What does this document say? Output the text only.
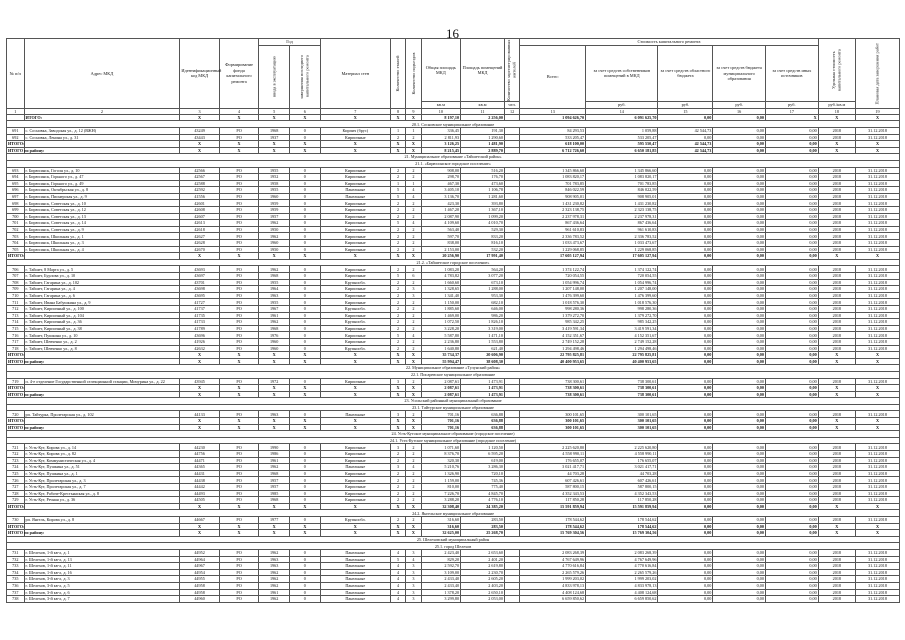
16
№ п/п	Адрес МКД	Идентификационный код МКД	Формирование фонда капитального ремонта	Год		Материал стен	Количество этажей	Количество подъездов	Общая площадь МКД	Площадь помещений МКД	Количество зарегистрированных жителей	Стоимость капитального ремонта					Удельная стоимость капитального ремонта	Плановая дата завершения работ
				ввода в эксплуатацию	завершения последнего капитального ремонта							Всего:	за счет средств собственников помещений в МКД	за счет средств областного бюджета	за счет средств бюджета муниципального образования	за счет средств иных источников		
									кв.м	кв.м	чел.		руб.	руб.	руб.	руб.	руб./кв.м	
1	2	3	4	5	6	7	8	9	10	11	12	13	14	15	16	17	18	19
	ИТОГО:	X	X	X	X	X	X	X	8 197,10	2 256,00		1 094 626,70	6 091 625,70	0,00	0,00	X	X	X
20.1. Сосновское муниципальное образование																		
691	с. Сосновка, Заводская ул., д. 12 (ВЖН)	43249	РО	1968	0	Кирпич (брус)	1	1	336,45	191,30		84 293,53	1 059,88	42 544,73	0,00	0,00	2018	31.12.2018
692	с. Сосновка, Ленина ул., д. 31	43443	РО	1937	0	Кирпичные	2	2	2 811,93	1 290,60		533 205,47	533 205,47	0,00	0,00	0,00	2018	31.12.2018
ИТОГО:		X	X	X	X	X	X	X	3 126,25	1 481,90		618 100,00	595 550,47	42 544,73	0,00	0,00	X	X
ИТОГО по району:		X	X	X	X	X	X	X	8 215,45	2 889,70		6 712 726,60	6 650 181,85	42 544,73	0,00	0,00	X	X
21. Муниципальное образование «Тайшетский район»																		
21.1. «Бирюсинское городское поселение»																		
693	г. Бирюсинск, Гоголя ул., д. 10	42566	РО	1955	0	Кирпичные	2	2	908,00	516,20		1 345 866,60	1 345 866,60	0,00	0,00	0,00	2018	31.12.2018
694	г. Бирюсинск, Горького ул., д. 47	42567	РО	1952	0	Кирпичные	2	2	298,70	176,70		1 083 820,17	1 083 820,17	0,00	0,00	0,00	2018	31.12.2018
695	г. Бирюсинск, Горького ул., д. 49	42588	РО	1958	0	Кирпичные	1	1	467,30	473,60		701 783,85	701 783,85	0,00	0,00	0,00	2018	31.12.2018
696	г. Бирюсинск, Октябрьская ул., д. 8	42592	РО	1955	0	Панельные	5	4	3 405,10	1 106,78		846 022,59	846 022,59	0,00	0,00	0,00	2018	31.12.2018
697	г. Бирюсинск, Пионерская ул., д. 9	41556	РО	1960	0	Панельные	5	4	3 136,70	1 281,60		908 905,01	908 905,01	0,00	0,00	0,00	2018	31.12.2018
698	г. Бирюсинск, Советская ул., д. 10	42601	РО	1959	0	Кирпичные	2	2	423,30	393,80		1 431 230,82	1 431 230,82	0,00	0,00	0,00	2018	31.12.2018
699	г. Бирюсинск, Советская ул., д. 12	42608	РО	1959	0	Кирпичные	2	2	1 467,20	1 367,10		2 323 138,75	2 323 138,75	0,00	0,00	0,00	2018	31.12.2018
700	г. Бирюсинск, Советская ул., д. 13	42607	РО	1957	0	Кирпичные	2	2	2 087,90	1 099,20		2 237 978,31	2 237 978,31	0,00	0,00	0,00	2018	31.12.2018
701	г. Бирюсинск, Советская ул., д. 14	42613	РО	1962	0	Кирпичные	5	4	4 109,60	4 010,70		867 436,64	867 436,64	0,00	0,00	0,00	2018	31.12.2018
702	г. Бирюсинск, Советская ул., д. 9	42618	РО	1950	0	Кирпичные	2	2	563,40	529,30		961 610,83	961 610,83	0,00	0,00	0,00	2018	31.12.2018
703	г. Бирюсинск, Школьная ул., д. 1	42627	РО	1962	0	Кирпичные	2	2	597,70	833,20		2 336 783,52	2 336 783,52	0,00	0,00	0,00	2018	31.12.2018
704	г. Бирюсинск, Школьная ул., д. 3	42628	РО	1960	0	Кирпичные	2	2	838,00	816,10		1 033 473,67	1 033 473,67	0,00	0,00	0,00	2018	31.12.2018
705	г. Бирюсинск, Школьная ул., д. 4	42670	РО	1950	0	Кирпичные	2	2	2 153,00	532,20		1 229 068,85	1 229 068,85	0,00	0,00	0,00	2018	31.12.2018
ИТОГО:		X	X	X	X	X	X	X	20 256,90	17 991,40		17 605 127,94	17 605 127,94	0,00	0,00	0,00	X	X
21.2. «Тайшетское городское поселение»																		
706	г. Тайшет, 8 Марта ул., д. 5	43693	РО	1962	0	Кирпичные	2	2	1 083,20	564,20		1 374 122,74	1 374 122,74	0,00	0,00	0,00	2018	31.12.2018
707	г. Тайшет, Бурлова ул., д. 10	43697	РО	1968	0	Кирпичные	5	6	4 783,82	3 077,20		720 054,55	720 054,55	0,00	0,00	0,00	2018	31.12.2018
708	г. Тайшет, Гагарина ул., д. 102	43701	РО	1955	0	Крупнообл.	2	2	1 660,60	673,10		1 054 996,74	1 054 996,74	0,00	0,00	0,00	2018	31.12.2018
709	г. Тайшет, Гагарина ул., д. 4	43698	РО	1964	0	Кирпичные	2	3	1 328,65	1 288,00		1 207 148,00	1 207 148,00	0,00	0,00	0,00	2018	31.12.2018
710	г. Тайшет, Гагарина ул., д. 6	43695	РО	1963	0	Кирпичные	2	3	1 341,40	953,30		1 476 399,60	1 476 399,60	0,00	0,00	0,00	2018	31.12.2018
711	г. Тайшет, Ивана Бабушкина ул., д. 9	41727	РО	1955	0	Кирпичные	2	2	1 150,00	682,10		1 018 576,30	1 018 576,30	0,00	0,00	0,00	2018	31.12.2018
712	г. Тайшет, Кирпичный ул., д. 100	41737	РО	1967	0	Крупнообл.	2	2	1 885,60	646,00		998 280,36	998 280,36	0,00	0,00	0,00	2018	31.12.2018
713	г. Тайшет, Кирпичный ул., д. 104	41735	РО	1961	0	Кирпичные	2	2	1 469,00	986,20		1 379 272,70	1 379 272,70	0,00	0,00	0,00	2018	31.12.2018
714	г. Тайшет, Кирпичный ул., д. 36	41733	РО	1962	0	Крупнообл.	2	2	1 072,50	1 826,10		985 342,25	985 342,25	0,00	0,00	0,00	2018	31.12.2018
715	г. Тайшет, Кирпичный ул., д. 38	41789	РО	1968	0	Кирпичные	2	2	3 228,20	3 319,00		3 419 591,34	3 419 591,34	0,00	0,00	0,00	2018	31.12.2018
716	г. Тайшет, Пушкина ул., д. 10	43696	РО	1976	0	Кирпичные	5	4	5 587,80	1 471,10		4 152 351,67	4 152 351,67	0,00	0,00	0,00	2018	31.12.2018
717	г. Тайшет, Шевченко ул., д. 2	41926	РО	1960	0	Кирпичные	2	2	2 236,80	1 553,80		2 749 152,28	2 749 152,28	0,00	0,00	0,00	2018	31.12.2018
718	г. Тайшет, Шевченко ул., д. 8	42632	РО	1960	0	Крупнообл.	2	2	1 640,80	621,40		1 294 498,46	1 294 498,46	0,00	0,00	0,00	2018	31.12.2018
ИТОГО:		X	X	X	X	X	X	X	35 734,37	20 606,90		22 795 825,81	22 795 825,81	0,00	0,00	0,00	X	X
ИТОГО по району:		X	X	X	X	X	X	X	55 994,47	38 608,30		40 400 953,65	40 400 953,65	0,00	0,00	0,00	X	X
22. Муниципальное образование «Тулунский район»																		
22.1. Писаревское муниципальное образование																		
719	п. 4-е отделение Государственной селекционной станции, Мичурина ул., д. 22	43945	РО	1972	0	Кирпичные	3	2	2 087,61	1 473,91		738 300,61	738 300,61	0,00	0,00	0,00	2018	31.12.2018
ИТОГО:		X	X	X	X	X	X	X	2 087,61	1 473,91		738 300,61	738 300,61	0,00	0,00	0,00	X	X
ИТОГО по району:		X	X	X	X	X	X	X	2 087,61	1 473,91		738 300,61	738 300,61	0,00	0,00	0,00	X	X
23. Усольский районный муниципальный образование																		
23.1. Тайтурское муниципальное образование																		
720	рп. Тайтурка, Пролетарская ул., д. 102	44133	РО	1963	0	Панельные	3	2	701,16	636,88		300 101,65	300 101,65	0,00	0,00	0,00	2018	31.12.2018
ИТОГО:		X	X	X	X	X	X	X	701,16	636,88		300 101,65	300 101,65	0,00	0,00	0,00	X	X
ИТОГО по району:		X	X	X	X	X	X	X	701,16	636,88		300 101,65	300 101,65	0,00	0,00	0,00	X	X
24. Усть-Кутское муниципальное образование (городское поселение)																		
24.1. Усть-Кутское муниципальное образование (городское поселение)																		
721	г. Усть-Кут, Кирова ул., д. 14	44230	РО	1990	0	Кирпичные	3	2	1 071,60	1 120,50		2 225 620,80	2 225 620,80	0,00	0,00	0,00	2018	31.12.2018
722	г. Усть-Кут, Кирова ул., д. 82	44756	РО	1986	0	Кирпичные	2	2	8 376,70	6 595,20		4 558 990,11	4 558 990,11	0,00	0,00	0,00	2018	31.12.2018
723	г. Усть-Кут, Коммунистическая ул., д. 4	44471	РО	1961	0	Кирпичные	2	2	320,30	619,00		176 655,07	176 655,07	0,00	0,00	0,00	2018	31.12.2018
724	г. Усть-Кут, Пушкина ул., д. 51	44365	РО	1962	0	Панельные	3	4	5 210,76	3 286,30		3 021 417,71	3 021 417,71	0,00	0,00	0,00	2018	31.12.2018
725	г. Усть-Кут, Пушкина ул., д. 1	44431	РО	1968	0	Кирпичные	2	2	1 326,90	720,10		44 703,28	44 703,28	0,00	0,00	0,00	2018	31.12.2018
726	г. Усть-Кут, Пролетарская ул., д. 3	44438	РО	1957	0	Кирпичные	2	2	1 159,00	745,36		607 426,61	607 426,61	0,00	0,00	0,00	2018	31.12.2018
727	г. Усть-Кут, Пролетарская ул., д. 7	44442	РО	1957	0	Кирпичные	2	2	810,00	775,40		587 800,15	587 800,15	0,00	0,00	0,00	2018	31.12.2018
728	г. Усть-Кут, Рабоче-Крестьянская ул., д. 8	44493	РО	1985	0	Кирпичные	2	2	7 226,70	4 845,70		4 352 343,53	4 352 343,53	0,00	0,00	0,00	2018	31.12.2018
729	г. Усть-Кут, Речная ул., д. 36	44505	РО	1968	0	Кирпичные	2	2	3 288,20	4 776,10		117 850,28	117 850,28	0,00	0,00	0,00	2018	31.12.2018
ИТОГО:		X	X	X	X	X	X	X	32 308,40	24 385,20		15 591 859,94	15 591 859,94	0,00	0,00	0,00	X	X
24.2. Янгельское муниципальное образование																		
730	рп. Янгель, Кирова ул., д. 8	44667	РО	1977	0	Крупнообл.	2	2	316,60	283,50		178 544,62	178 544,62	0,00	0,00	0,00	2018	31.12.2018
ИТОГО:		X	X	X	X	X	X	X	316,60	283,50		178 544,62	178 544,62	0,00	0,00	0,00	X	X
ИТОГО по району:		X	X	X	X	X	X	X	32 625,00	25 268,70		15 769 304,56	15 769 304,56	0,00	0,00	0,00	X	X
25. Шелеховский муниципальный район																		
25.1. город Шелехов																		
731	г. Шелехов, 1-й кв-л, д. 1	44952	РО	1962	0	Панельные	4	3	2 423,40	2 653,60		2 083 268,39	2 083 268,39	0,00	0,00	0,00	2018	31.12.2018
732	г. Шелехов, 1-й кв-л, д. 13	44964	РО	1963	0	Панельные	5	4	829,20	2 401,20		4 767 649,96	4 767 649,96	0,00	0,00	0,00	2018	31.12.2018
733	г. Шелехов, 1-й кв-л, д. 11	44967	РО	1963	0	Панельные	4	3	2 592,70	2 619,80		4 770 616,84	4 770 616,84	0,00	0,00	0,00	2018	31.12.2018
734	г. Шелехов, 1-й кв-л, д. 16	44954	РО	1962	0	Панельные	4	3	3 109,00	2 230,70		2 265 579,26	2 265 579,26	0,00	0,00	0,00	2018	31.12.2018
735	г. Шелехов, 3-й кв-л, д. 3	44955	РО	1962	0	Панельные	4	3	2 433,40	2 605,20		1 999 203,02	1 999 203,02	0,00	0,00	0,00	2018	31.12.2018
736	г. Шелехов, 3-й кв-л, д. 5	44958	РО	1962	0	Панельные	4	3	2 433,40	2 403,20		4 833 978,13	4 833 978,13	0,00	0,00	0,00	2018	31.12.2018
737	г. Шелехов, 3-й кв-л, д. 6	44958	РО	1961	0	Панельные	4	3	1 378,20	2 650,10		4 408 124,68	4 408 124,68	0,00	0,00	0,00	2018	31.12.2018
738	г. Шелехов, 3-й кв-л, д. 7	44960	РО	1962	0	Панельные	4	3	3 299,80	2 053,00		6 659 850,62	6 659 850,62	0,00	0,00	0,00	2018	31.12.2018
